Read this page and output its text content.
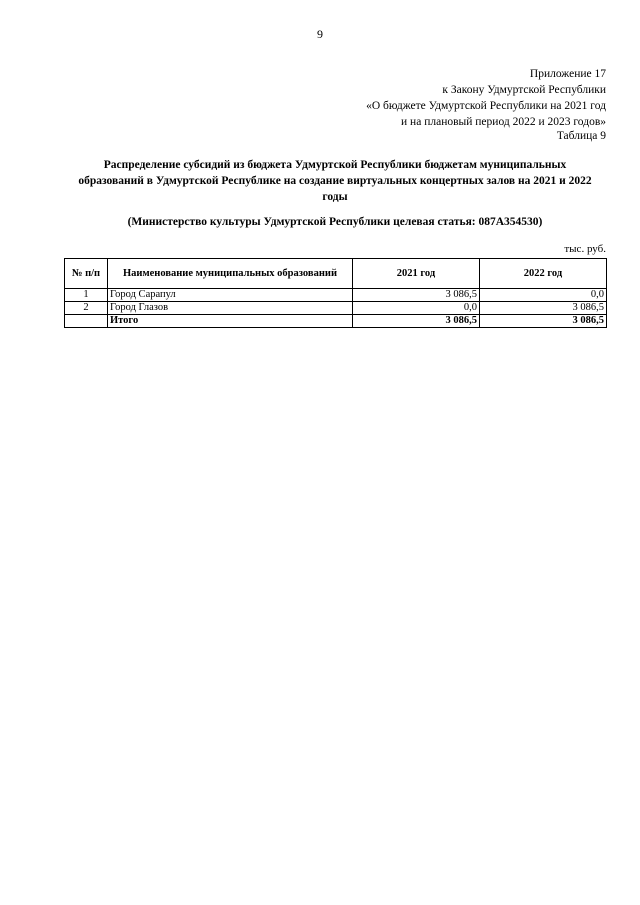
9
Приложение 17
к Закону Удмуртской Республики
«О бюджете Удмуртской Республики на 2021 год
и на плановый период 2022 и 2023 годов»
Таблица 9
Распределение субсидий из бюджета Удмуртской Республики бюджетам муниципальных образований в Удмуртской Республике на создание виртуальных концертных залов на 2021 и 2022 годы
(Министерство культуры Удмуртской Республики целевая статья: 087A354530)
тыс. руб.
№ п/п	Наименование муниципальных образований	2021 год	2022 год
1	Город Сарапул	3 086,5	0,0
2	Город Глазов	0,0	3 086,5
	Итого	3 086,5	3 086,5
